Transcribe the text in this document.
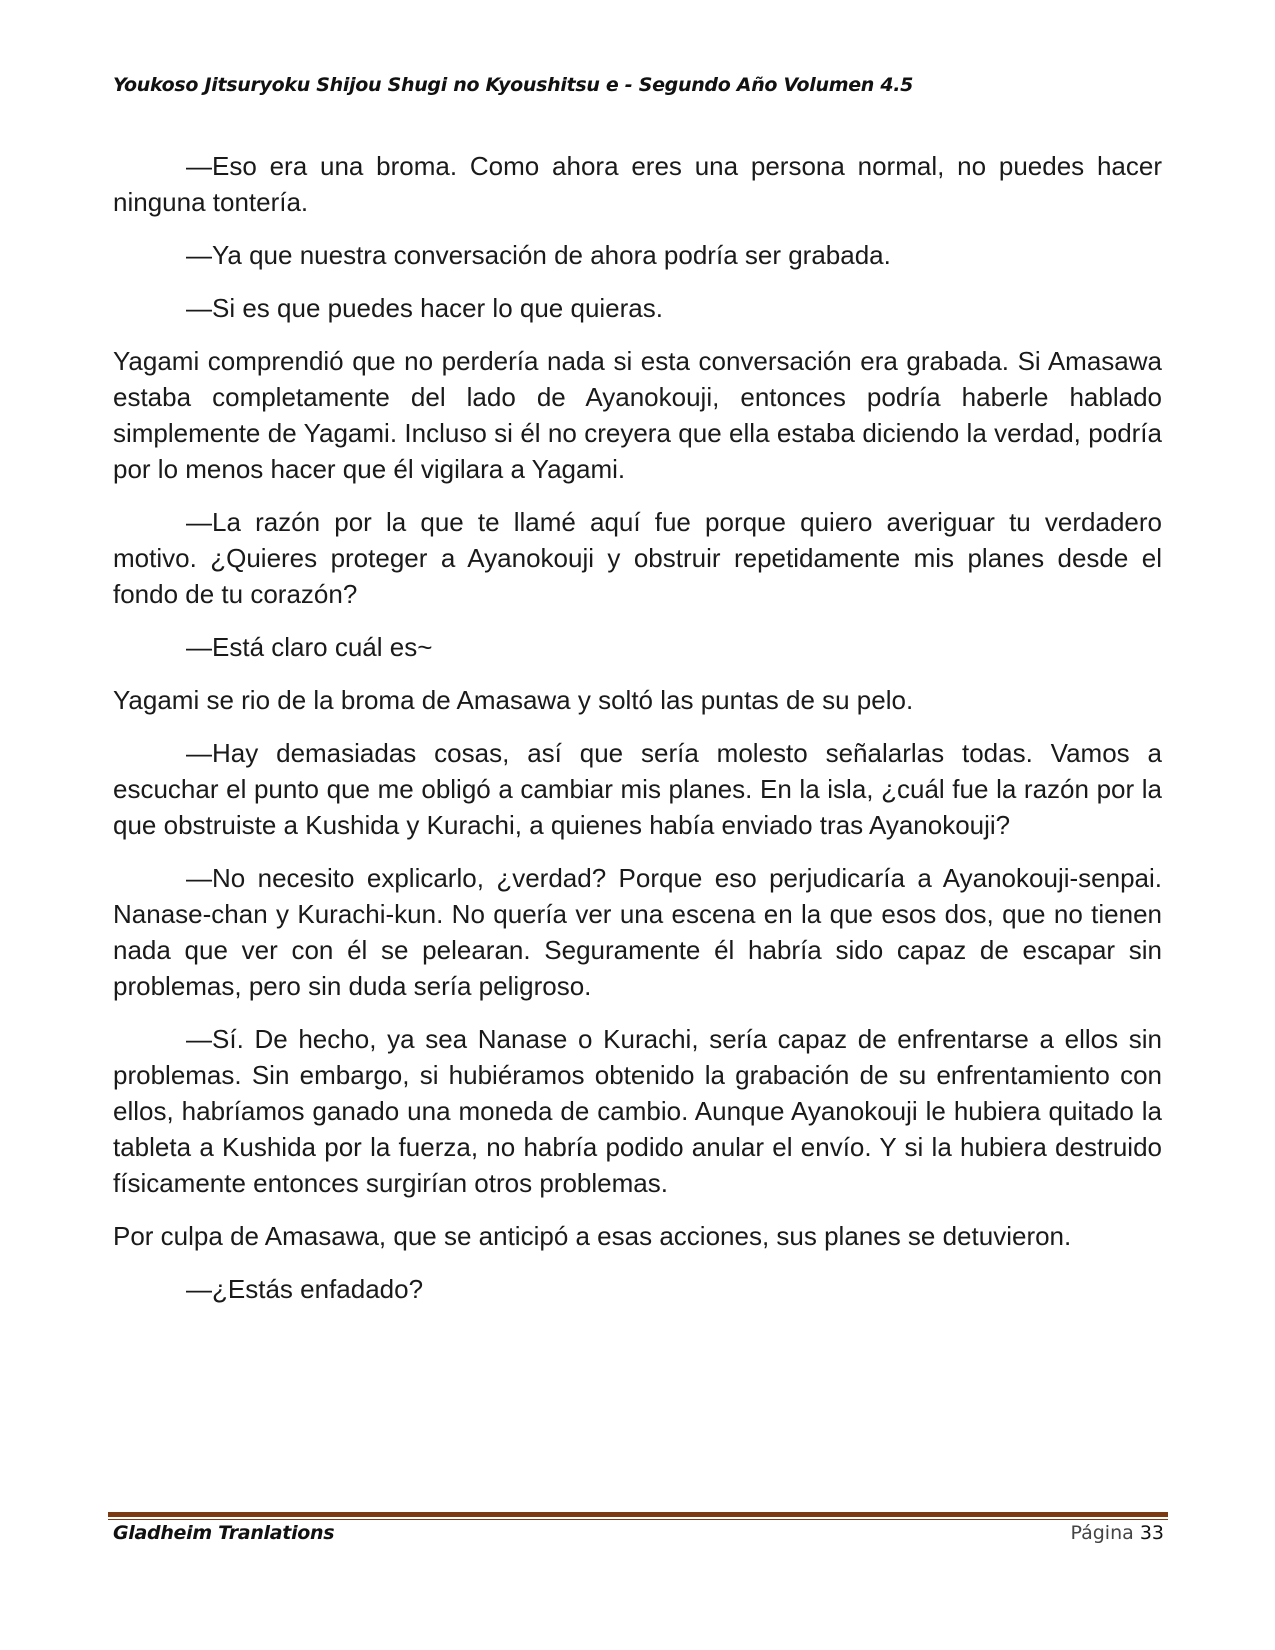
Youkoso Jitsuryoku Shijou Shugi no Kyoushitsu e - Segundo Año Volumen 4.5

—Eso era una broma. Como ahora eres una persona normal, no puedes hacer ninguna tontería.

—Ya que nuestra conversación de ahora podría ser grabada.

—Si es que puedes hacer lo que quieras.

Yagami comprendió que no perdería nada si esta conversación era grabada. Si Amasawa estaba completamente del lado de Ayanokouji, entonces podría haberle hablado simplemente de Yagami. Incluso si él no creyera que ella estaba diciendo la verdad, podría por lo menos hacer que él vigilara a Yagami.

—La razón por la que te llamé aquí fue porque quiero averiguar tu verdadero motivo. ¿Quieres proteger a Ayanokouji y obstruir repetidamente mis planes desde el fondo de tu corazón?

—Está claro cuál es~

Yagami se rio de la broma de Amasawa y soltó las puntas de su pelo.

—Hay demasiadas cosas, así que sería molesto señalarlas todas. Vamos a escuchar el punto que me obligó a cambiar mis planes. En la isla, ¿cuál fue la razón por la que obstruiste a Kushida y Kurachi, a quienes había enviado tras Ayanokouji?

—No necesito explicarlo, ¿verdad? Porque eso perjudicaría a Ayanokouji-senpai. Nanase-chan y Kurachi-kun. No quería ver una escena en la que esos dos, que no tienen nada que ver con él se pelearan. Seguramente él habría sido capaz de escapar sin problemas, pero sin duda sería peligroso.

—Sí. De hecho, ya sea Nanase o Kurachi, sería capaz de enfrentarse a ellos sin problemas. Sin embargo, si hubiéramos obtenido la grabación de su enfrentamiento con ellos, habríamos ganado una moneda de cambio. Aunque Ayanokouji le hubiera quitado la tableta a Kushida por la fuerza, no habría podido anular el envío. Y si la hubiera destruido físicamente entonces surgirían otros problemas.

Por culpa de Amasawa, que se anticipó a esas acciones, sus planes se detuvieron.

—¿Estás enfadado?

Gladheim Tranlations	Página 33
